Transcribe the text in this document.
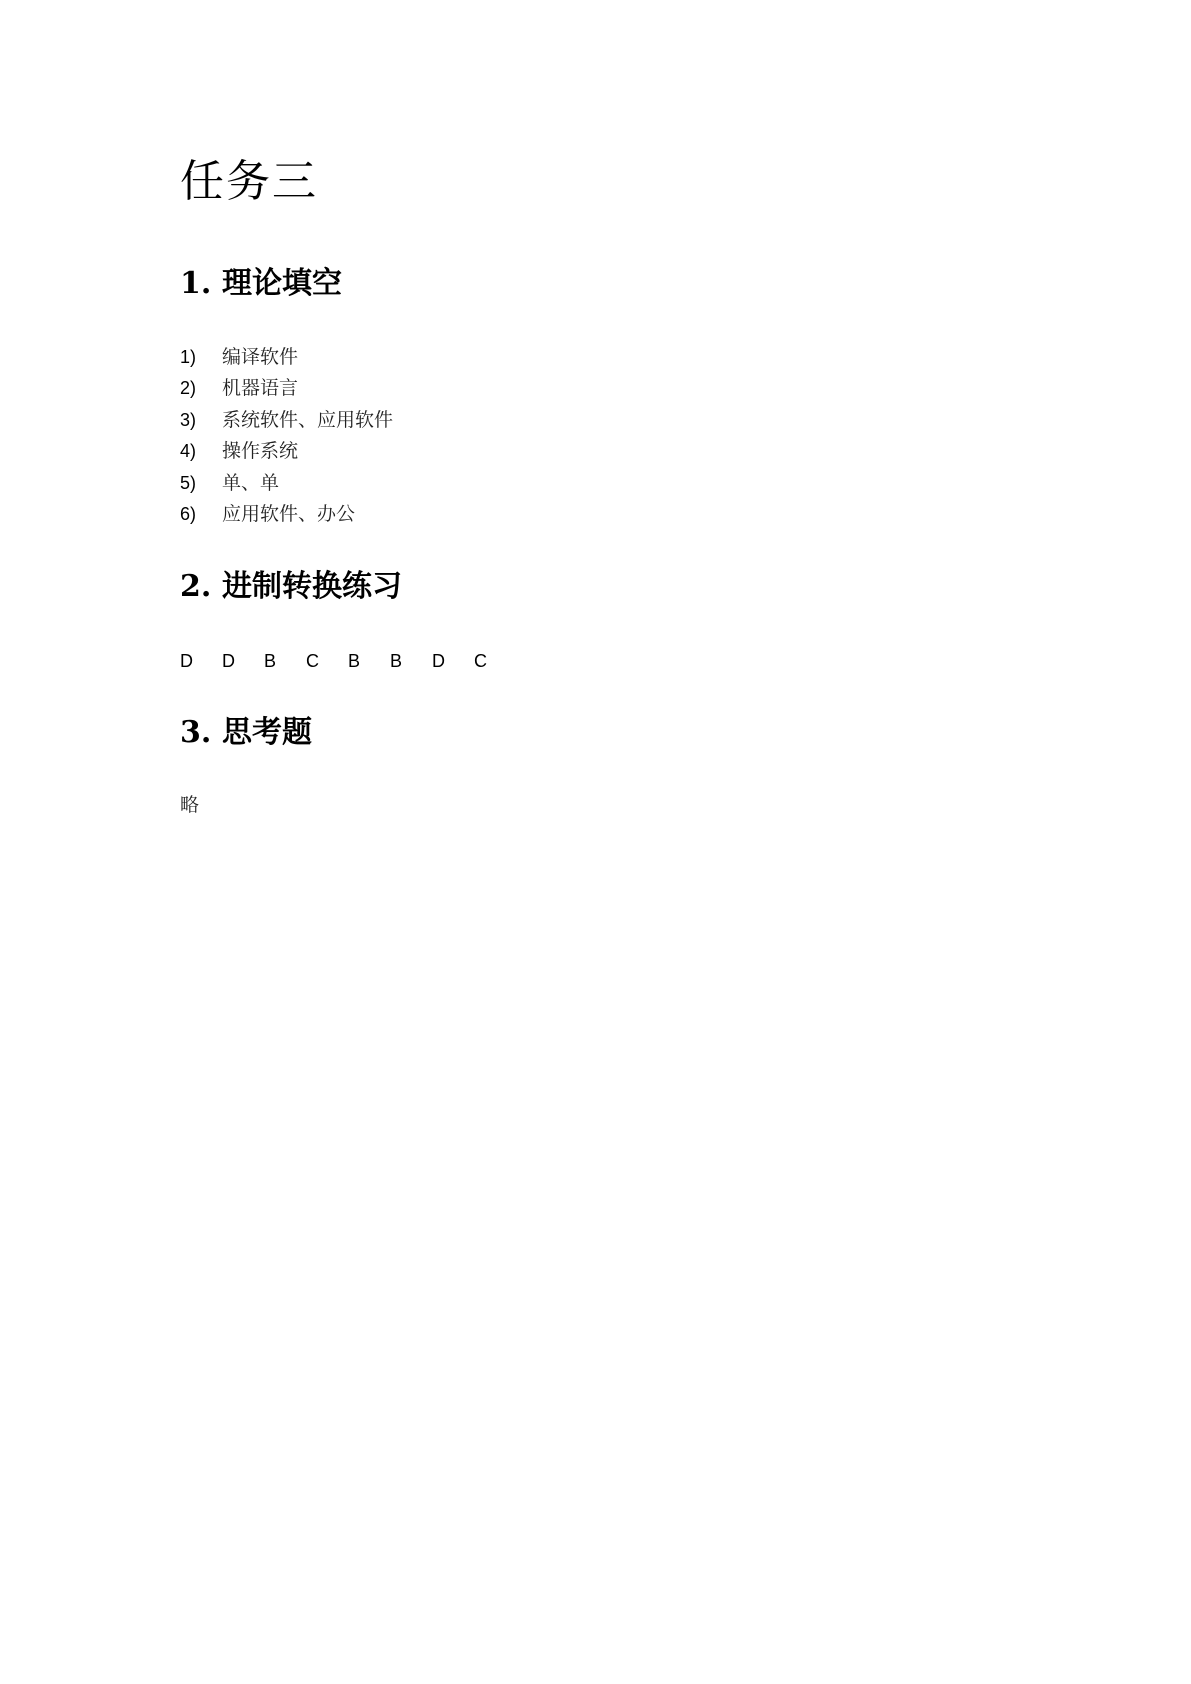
任务三
1. 理论填空
1) 编译软件
2) 机器语言
3) 系统软件、应用软件
4) 操作系统
5) 单、单
6) 应用软件、办公
2. 进制转换练习
D	D	B	C	B	B	D	C
3. 思考题

略
